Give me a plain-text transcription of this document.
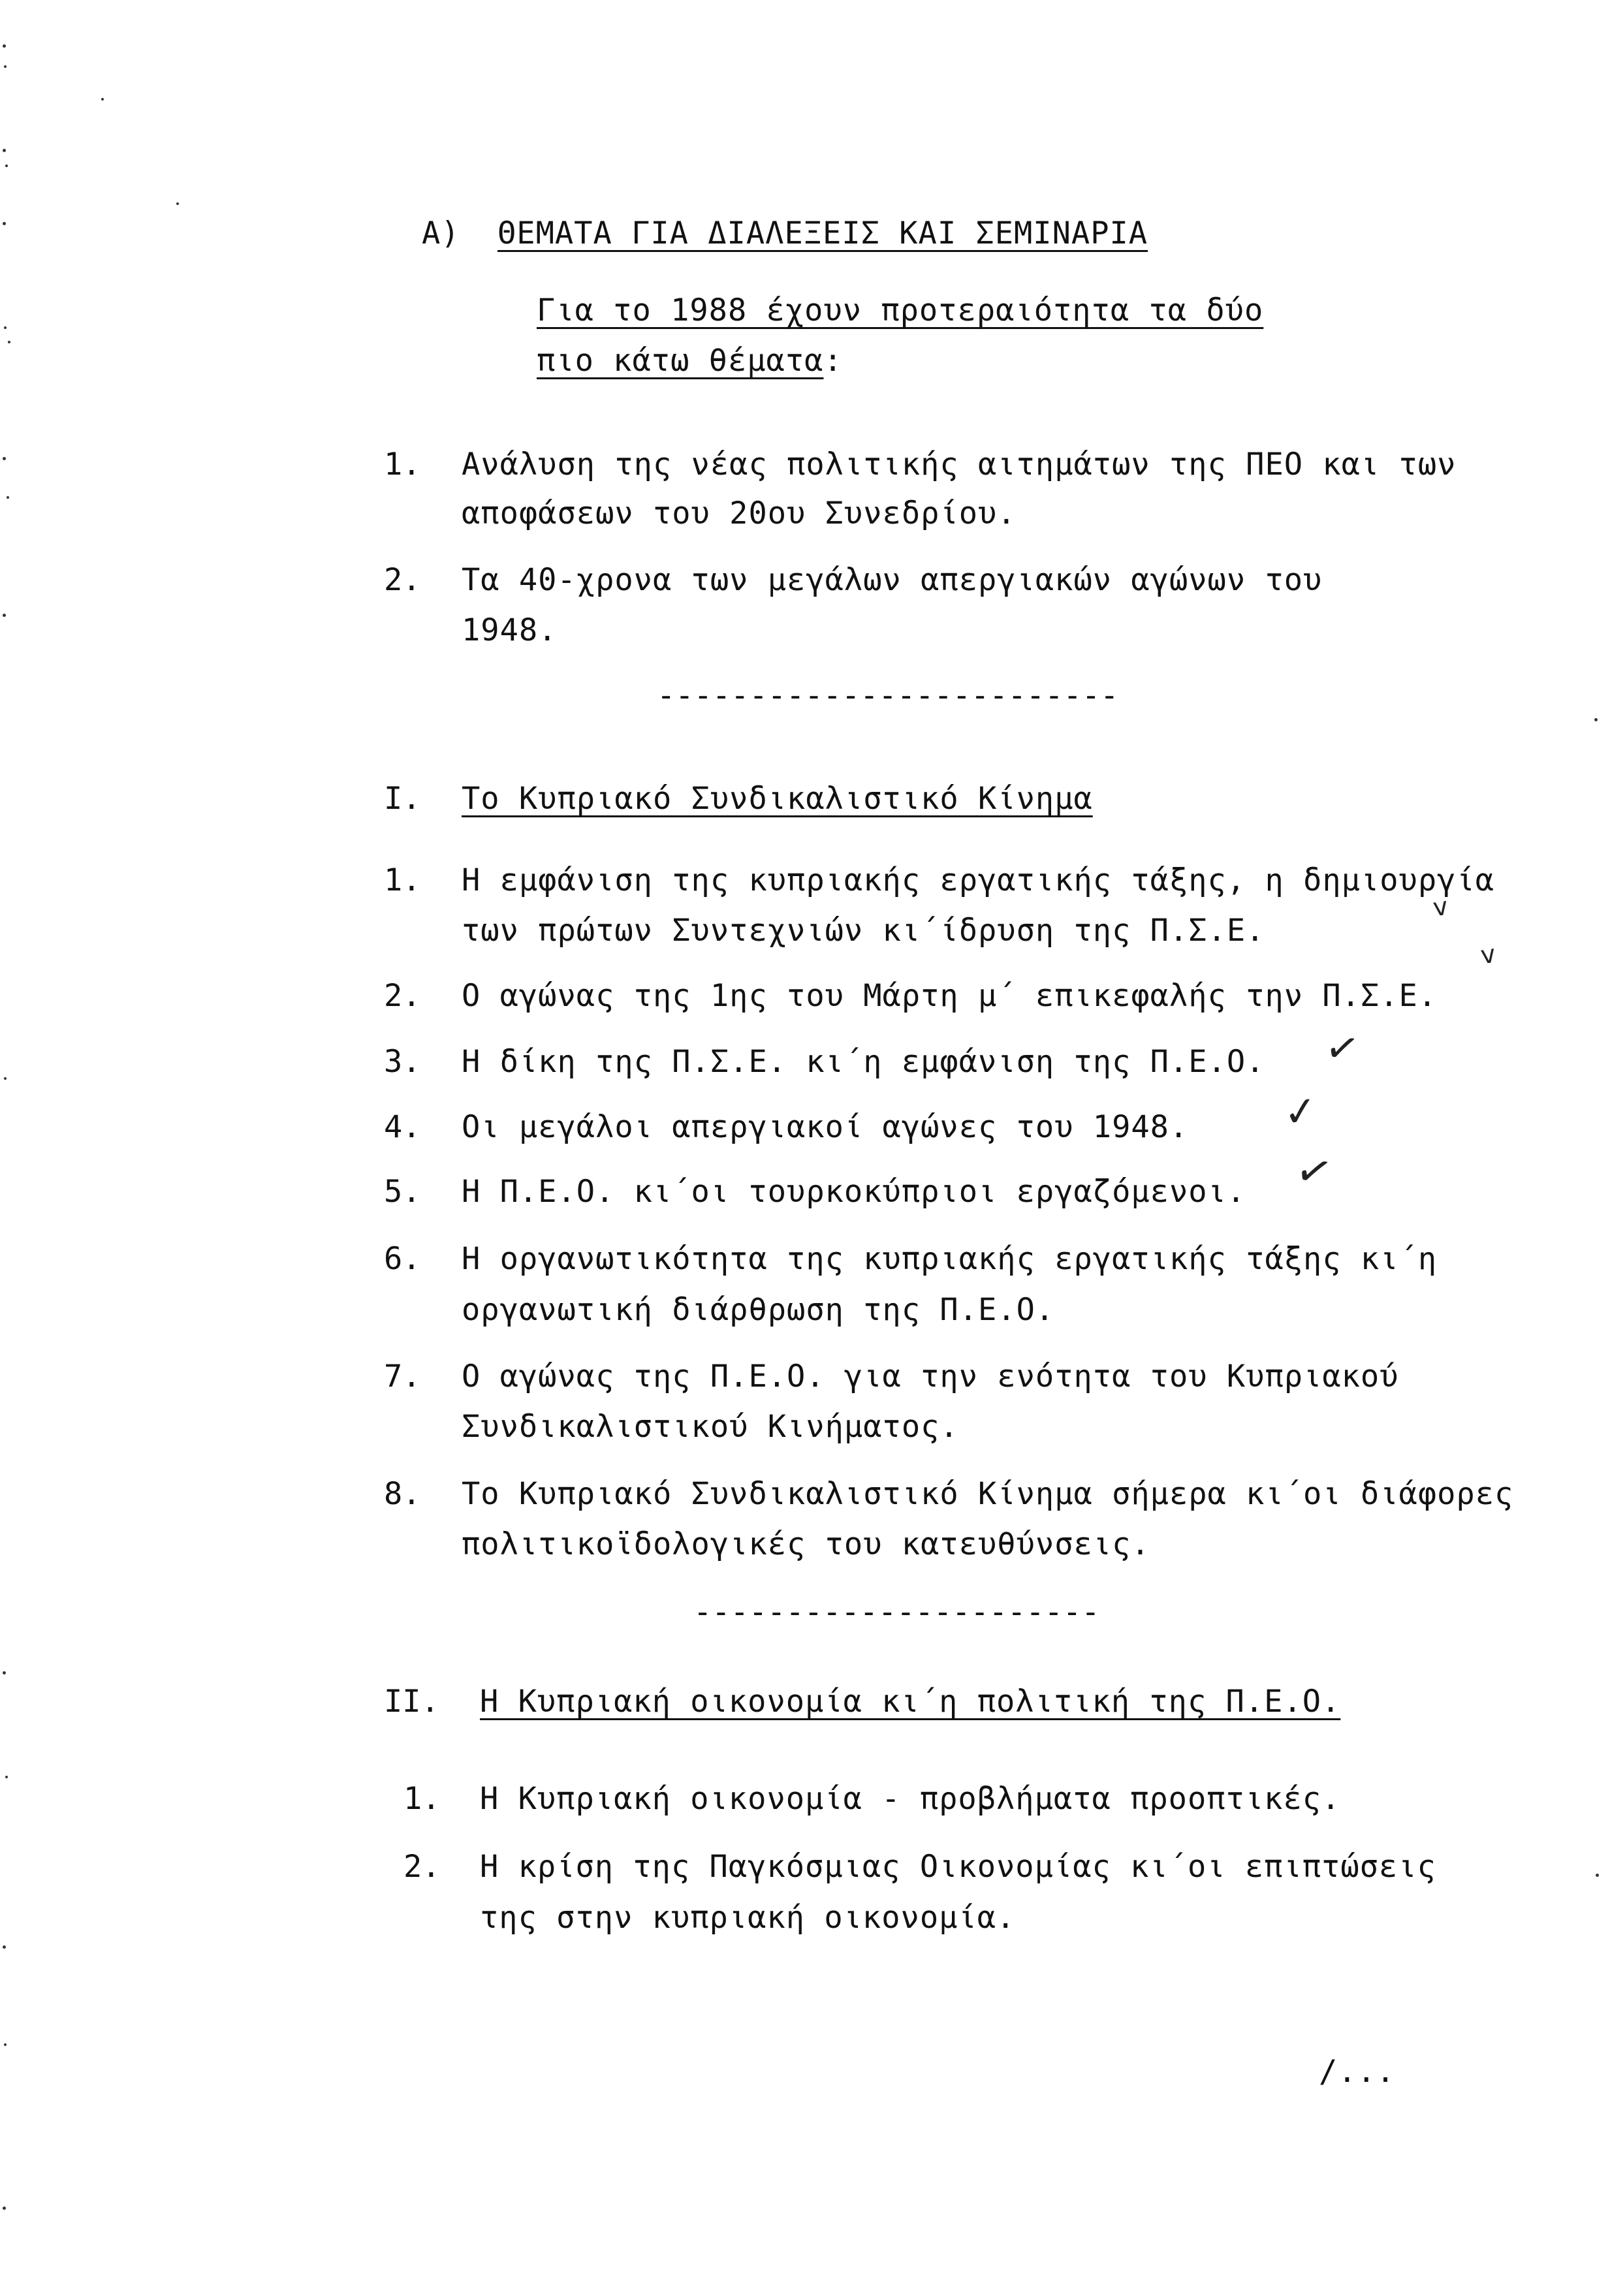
A) ΘΕΜΑΤΑ ΓΙΑ ΔΙΑΛΕΞΕΙΣ ΚΑΙ ΣΕΜΙΝΑΡΙΑ
Για το 1988 έχουν προτεραιότητα τα δύο
πιο κάτω θέματα:
1. Ανάλυση της νέας πολιτικής αιτημάτων της ΠΕΟ και των
αποφάσεων του 20ου Συνεδρίου.
2. Τα 40-χρονα των μεγάλων απεργιακών αγώνων του
1948.
-------------------------
I. Το Κυπριακό Συνδικαλιστικό Κίνημα
1. Η εμφάνιση της κυπριακής εργατικής τάξης, η δημιουργία
των πρώτων Συντεχνιών κι΄ίδρυση της Π.Σ.Ε.
2. Ο αγώνας της 1ης του Μάρτη μ΄ επικεφαλής την Π.Σ.Ε.
3. Η δίκη της Π.Σ.Ε. κι΄η εμφάνιση της Π.Ε.Ο.
4. Οι μεγάλοι απεργιακοί αγώνες του 1948.
5. Η Π.Ε.Ο. κι΄οι τουρκοκύπριοι εργαζόμενοι.
6. Η οργανωτικότητα της κυπριακής εργατικής τάξης κι΄η
οργανωτική διάρθρωση της Π.Ε.Ο.
7. Ο αγώνας της Π.Ε.Ο. για την ενότητα του Κυπριακού
Συνδικαλιστικού Κινήματος.
8. Το Κυπριακό Συνδικαλιστικό Κίνημα σήμερα κι΄οι διάφορες
πολιτικοϊδολογικές του κατευθύνσεις.
----------------------
II. Η Κυπριακή οικονομία κι΄η πολιτική της Π.Ε.Ο.
1. Η Κυπριακή οικονομία - προβλήματα προοπτικές.
2. Η κρίση της Παγκόσμιας Οικονομίας κι΄οι επιπτώσεις
της στην κυπριακή οικονομία.
/...
v
v
✓
✓
✓
